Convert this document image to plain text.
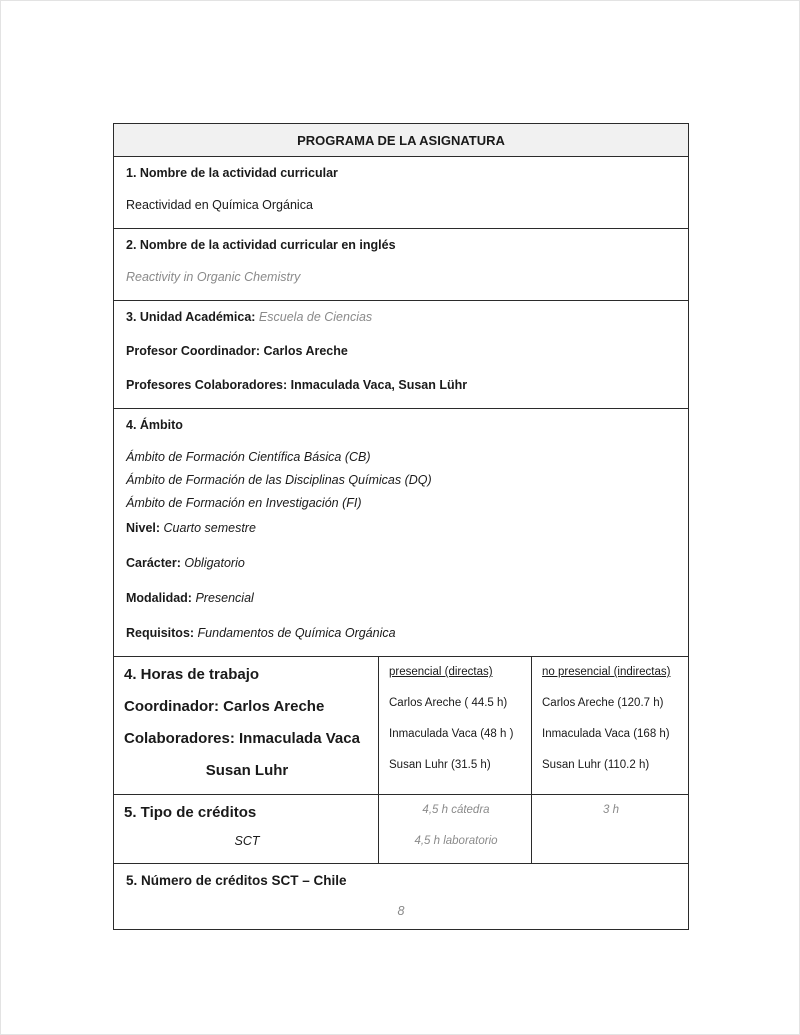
PROGRAMA DE LA ASIGNATURA

1. Nombre de la actividad curricular

Reactividad en Química Orgánica

2. Nombre de la actividad curricular en inglés

Reactivity in Organic Chemistry

3. Unidad Académica: Escuela de Ciencias

Profesor Coordinador: Carlos Areche

Profesores Colaboradores: Inmaculada Vaca, Susan Lühr

4. Ámbito

Ámbito de Formación Científica Básica (CB)

Ámbito de Formación de las Disciplinas Químicas (DQ)

Ámbito de Formación en Investigación (FI)

Nivel: Cuarto semestre

Carácter: Obligatorio

Modalidad: Presencial

Requisitos: Fundamentos de Química Orgánica

4. Horas de trabajo

Coordinador: Carlos Areche

Colaboradores: Inmaculada Vaca

Susan Luhr

presencial (directas)

Carlos Areche ( 44.5 h)

Inmaculada Vaca (48 h )

Susan Luhr (31.5 h)

no presencial (indirectas)

Carlos Areche (120.7 h)

Inmaculada Vaca (168 h)

Susan Luhr (110.2 h)

5. Tipo de créditos

SCT

4,5 h cátedra

4,5 h laboratorio

3 h

5. Número de créditos SCT – Chile

8
